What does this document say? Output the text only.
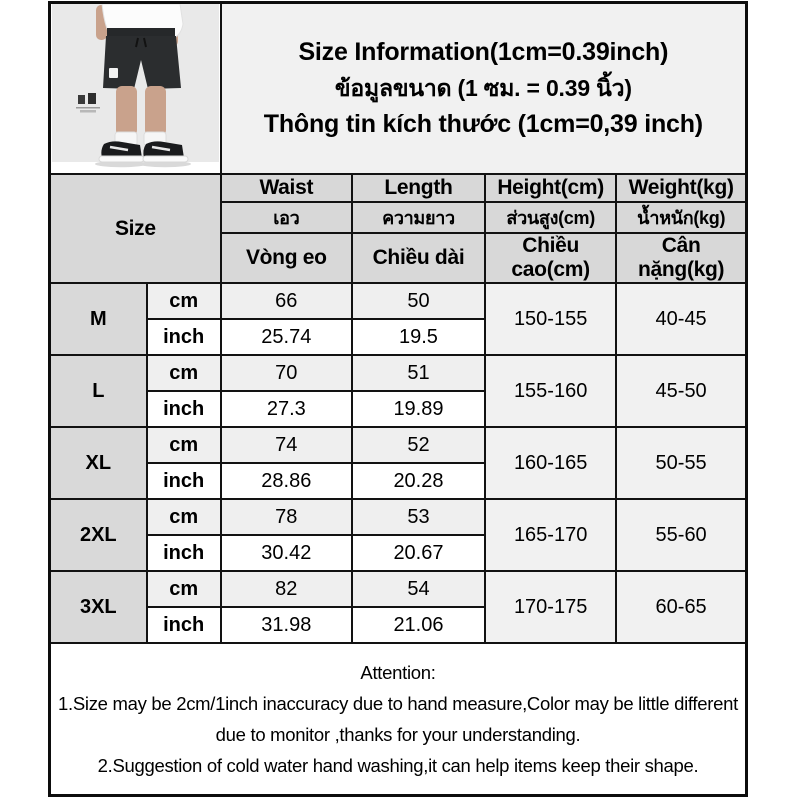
Size Information(1cm=0.39inch)
ข้อมูลขนาด (1 ซม. = 0.39 นิ้ว)
Thông tin kích thước (1cm=0,39 inch)			

Size		Waist	Length	Height(cm)	Weight(kg)
		เอว	ความยาว	ส่วนสูง(cm)	น้ำหนัก(kg)
		Vòng eo	Chiều dài	Chiều cao(cm)	Cân nặng(kg)
M	cm	66	50	150-155	40-45
	inch	25.74	19.5		
L	cm	70	51	155-160	45-50
	inch	27.3	19.89		
XL	cm	74	52	160-165	50-55
	inch	28.86	20.28		
2XL	cm	78	53	165-170	55-60
	inch	30.42	20.67		
3XL	cm	82	54	170-175	60-65
	inch	31.98	21.06		

Attention:
1.Size may be 2cm/1inch inaccuracy due to hand measure,Color may be little different due to monitor ,thanks for your understanding.
2.Suggestion of cold water hand washing,it can help items keep their shape.					
